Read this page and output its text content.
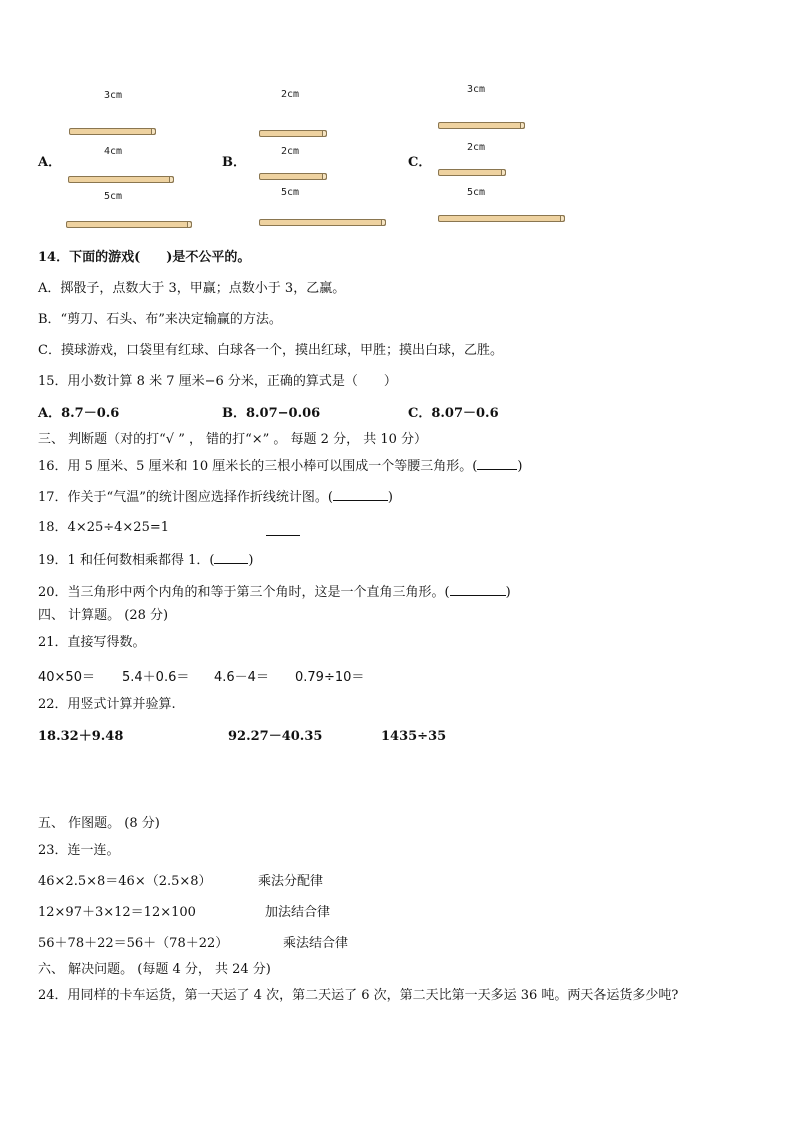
A．
3cm
4cm
5cm
B．
2cm
2cm
5cm
C．
3cm
2cm
5cm
14．下面的游戏(　　)是不公平的。
A．掷骰子，点数大于 3，甲赢；点数小于 3，乙赢。
B．“剪刀、石头、布”来决定输赢的方法。
C．摸球游戏，口袋里有红球、白球各一个，摸出红球，甲胜；摸出白球，乙胜。
15．用小数计算 8 米 7 厘米−6 分米，正确的算式是（　　）
A．8.7－0.6	B．8.07−0.06	C．8.07－0.6
三、 判断题（对的打“√ ” ， 错的打“×” 。 每题 2 分， 共 10 分）
16．用 5 厘米、5 厘米和 10 厘米长的三根小棒可以围成一个等腰三角形。(	)
17．作关于“气温”的统计图应选择作折线统计图。(	)
18．4×25÷4×25=1
19．1 和任何数相乘都得 1．(	)
20．当三角形中两个内角的和等于第三个角时，这是一个直角三角形。(	)
四、 计算题。 (28 分)
21．直接写得数。
40×50＝ 5.4＋0.6＝ 4.6－4＝ 0.79÷10＝
22．用竖式计算并验算.
18.32＋9.48	92.27－40.35	1435÷35
五、 作图题。 (8 分)
23．连一连。
46×2.5×8＝46×（2.5×8）	乘法分配律
12×97＋3×12＝12×100	加法结合律
56＋78＋22＝56＋（78＋22）	乘法结合律
六、 解决问题。 (每题 4 分， 共 24 分)
24．用同样的卡车运货，第一天运了 4 次，第二天运了 6 次，第二天比第一天多运 36 吨。两天各运货多少吨?
